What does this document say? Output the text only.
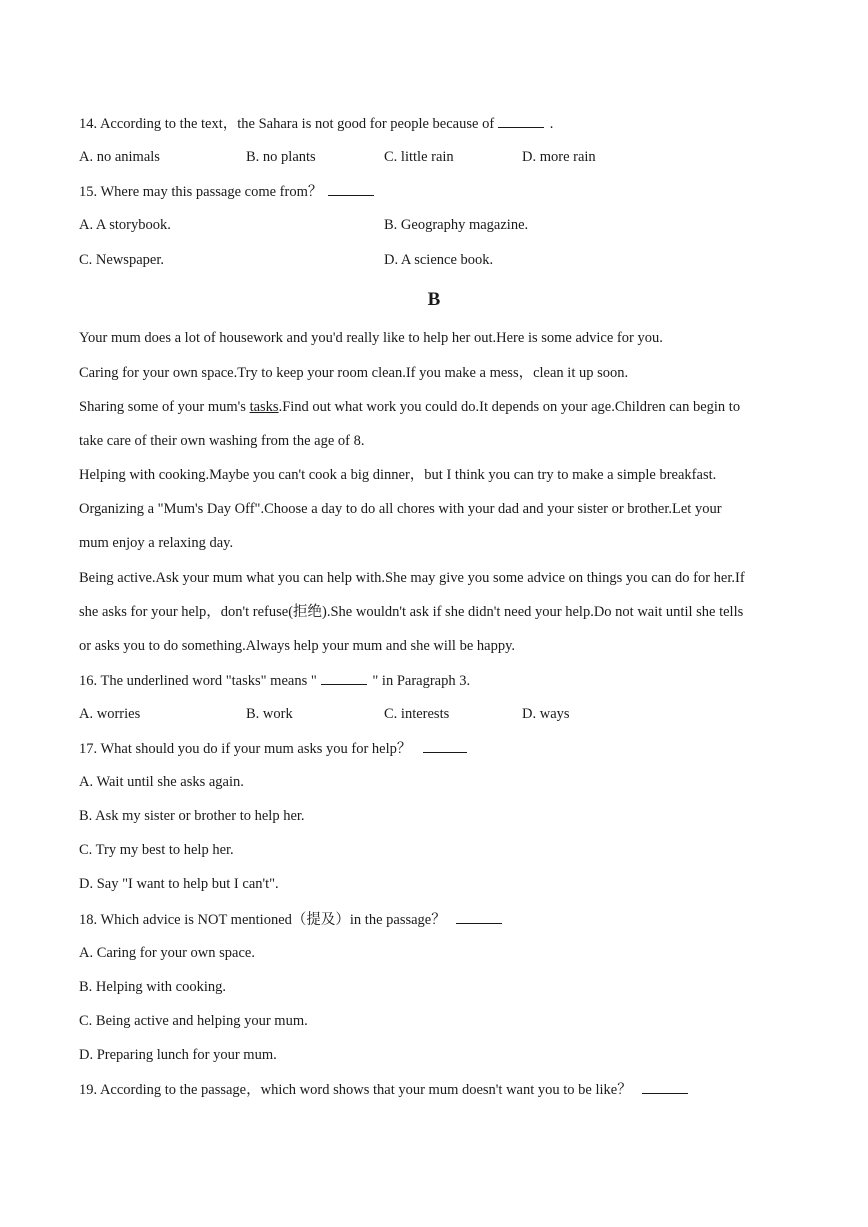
14. According to the text，the Sahara is not good for people because of	.
A. no animals	B. no plants	C. little rain	D. more rain
15. Where may this passage come from？
A. A storybook.	B. Geography magazine.
C. Newspaper.	D. A science book.
B
Your mum does a lot of housework and you'd really like to help her out.Here is some advice for you.
Caring for your own space.Try to keep your room clean.If you make a mess，clean it up soon.
Sharing some of your mum's tasks.Find out what work you could do.It depends on your age.Children can begin to
take care of their own washing from the age of 8.
Helping with cooking.Maybe you can't cook a big dinner，but I think you can try to make a simple breakfast.
Organizing a "Mum's Day Off".Choose a day to do all chores with your dad and your sister or brother.Let your
mum enjoy a relaxing day.
Being active.Ask your mum what you can help with.She may give you some advice on things you can do for her.If
she asks for your help，don't refuse(拒绝).She wouldn't ask if she didn't need your help.Do not wait until she tells
or asks you to do something.Always help your mum and she will be happy.
16. The underlined word "tasks" means "	" in Paragraph 3.
A. worries	B. work	C. interests	D. ways
17. What should you do if your mum asks you for help？
A. Wait until she asks again.
B. Ask my sister or brother to help her.
C. Try my best to help her.
D. Say "I want to help but I can't".
18. Which advice is NOT mentioned（提及）in the passage？
A. Caring for your own space.
B. Helping with cooking.
C. Being active and helping your mum.
D. Preparing lunch for your mum.
19. According to the passage，which word shows that your mum doesn't want you to be like？
